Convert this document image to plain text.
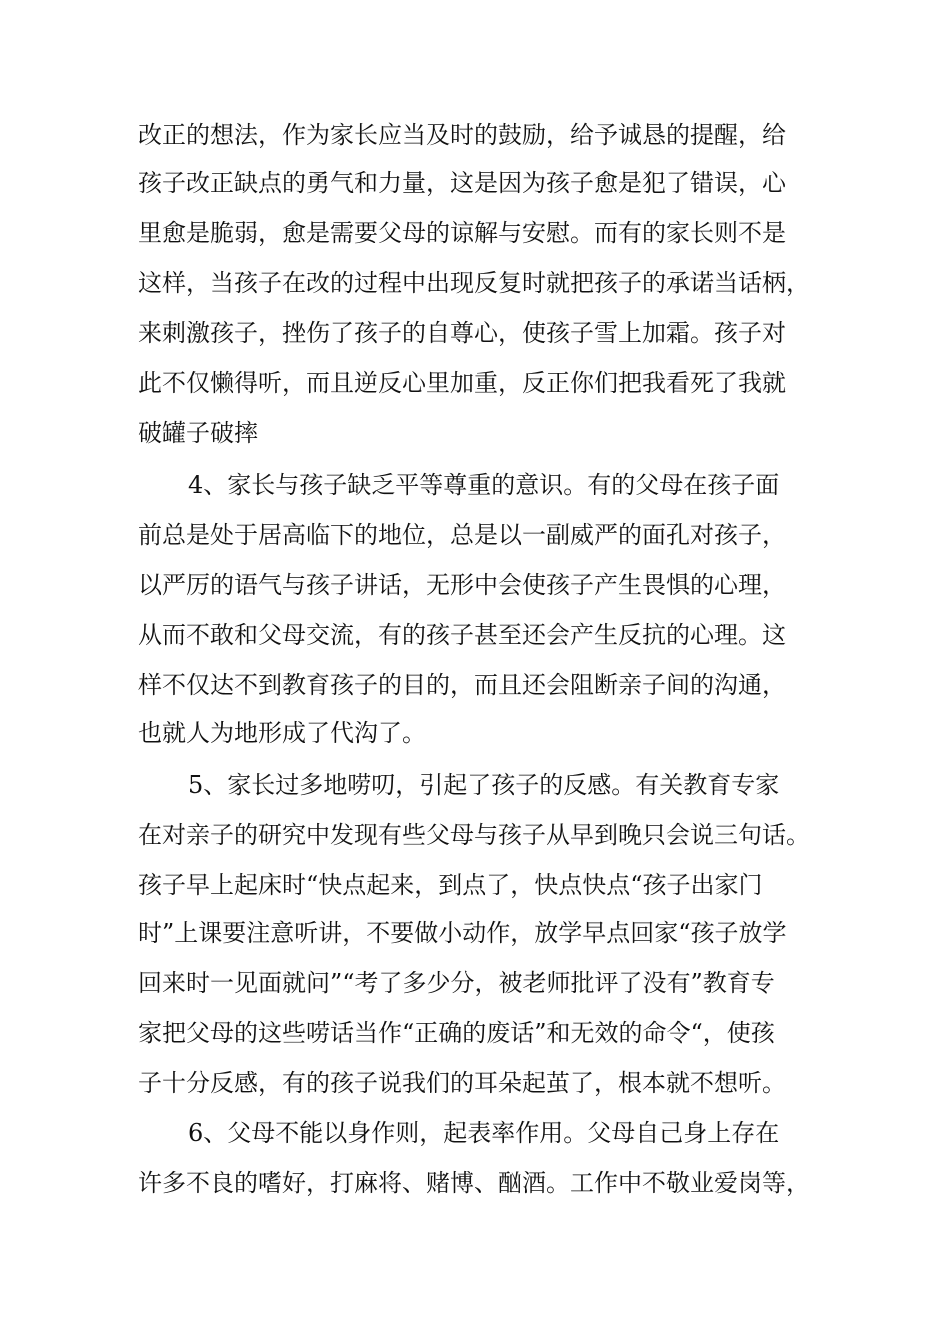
改正的想法，作为家长应当及时的鼓励，给予诚恳的提醒，给
孩子改正缺点的勇气和力量，这是因为孩子愈是犯了错误，心
里愈是脆弱，愈是需要父母的谅解与安慰。而有的家长则不是
这样，当孩子在改的过程中出现反复时就把孩子的承诺当话柄，
来刺激孩子，挫伤了孩子的自尊心，使孩子雪上加霜。孩子对
此不仅懒得听，而且逆反心里加重，反正你们把我看死了我就
破罐子破摔
4、家长与孩子缺乏平等尊重的意识。有的父母在孩子面
前总是处于居高临下的地位，总是以一副威严的面孔对孩子，
以严厉的语气与孩子讲话，无形中会使孩子产生畏惧的心理，
从而不敢和父母交流，有的孩子甚至还会产生反抗的心理。这
样不仅达不到教育孩子的目的，而且还会阻断亲子间的沟通，
也就人为地形成了代沟了。
5、家长过多地唠叨，引起了孩子的反感。有关教育专家
在对亲子的研究中发现有些父母与孩子从早到晚只会说三句话。
孩子早上起床时“快点起来，到点了，快点快点“孩子出家门
时”上课要注意听讲，不要做小动作，放学早点回家“孩子放学
回来时一见面就问”“考了多少分，被老师批评了没有”教育专
家把父母的这些唠话当作“正确的废话”和无效的命令“，使孩
子十分反感，有的孩子说我们的耳朵起茧了，根本就不想听。
6、父母不能以身作则，起表率作用。父母自己身上存在
许多不良的嗜好，打麻将、赌博、酗酒。工作中不敬业爱岗等，
